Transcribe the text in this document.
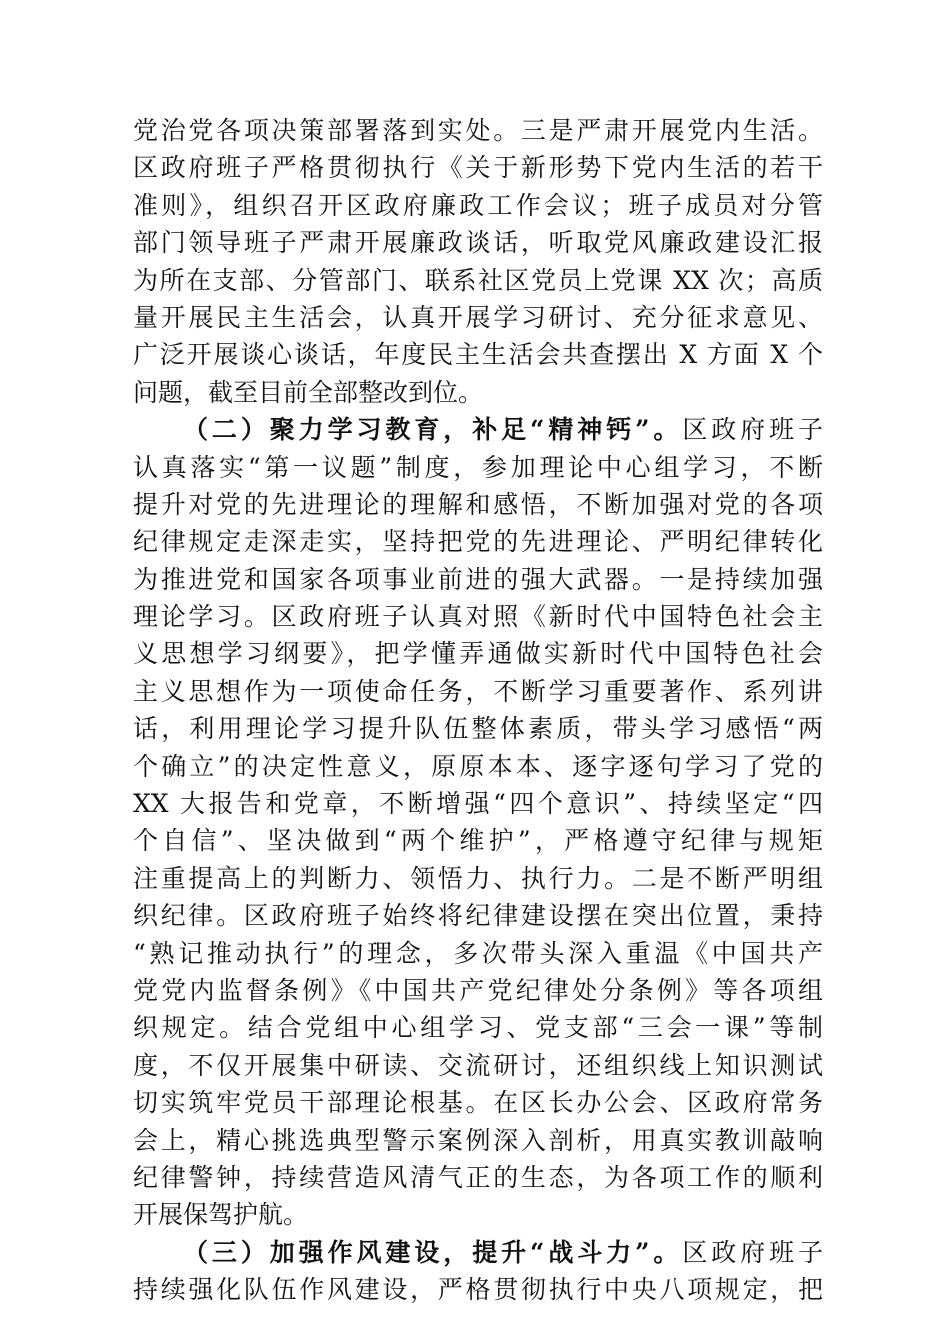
党治党各项决策部署落到实处。三是严肃开展党内生活。
区政府班子严格贯彻执行《关于新形势下党内生活的若干
准则》，组织召开区政府廉政工作会议；班子成员对分管
部门领导班子严肃开展廉政谈话，听取党风廉政建设汇报
为所在支部、分管部门、联系社区党员上党课 XX 次；高质
量开展民主生活会，认真开展学习研讨、充分征求意见、
广泛开展谈心谈话，年度民主生活会共查摆出 X 方面 X 个
问题，截至目前全部整改到位。
（二）聚力学习教育，补足“精神钙”。区政府班子
认真落实“第一议题”制度，参加理论中心组学习，不断
提升对党的先进理论的理解和感悟，不断加强对党的各项
纪律规定走深走实，坚持把党的先进理论、严明纪律转化
为推进党和国家各项事业前进的强大武器。一是持续加强
理论学习。区政府班子认真对照《新时代中国特色社会主
义思想学习纲要》，把学懂弄通做实新时代中国特色社会
主义思想作为一项使命任务，不断学习重要著作、系列讲
话，利用理论学习提升队伍整体素质，带头学习感悟“两
个确立”的决定性意义，原原本本、逐字逐句学习了党的
XX 大报告和党章，不断增强“四个意识”、持续坚定“四
个自信”、坚决做到“两个维护”，严格遵守纪律与规矩
注重提高上的判断力、领悟力、执行力。二是不断严明组
织纪律。区政府班子始终将纪律建设摆在突出位置，秉持
“熟记推动执行”的理念，多次带头深入重温《中国共产
党党内监督条例》《中国共产党纪律处分条例》等各项组
织规定。结合党组中心组学习、党支部“三会一课”等制
度，不仅开展集中研读、交流研讨，还组织线上知识测试
切实筑牢党员干部理论根基。在区长办公会、区政府常务
会上，精心挑选典型警示案例深入剖析，用真实教训敲响
纪律警钟，持续营造风清气正的生态，为各项工作的顺利
开展保驾护航。
（三）加强作风建设，提升“战斗力”。区政府班子
持续强化队伍作风建设，严格贯彻执行中央八项规定，把
